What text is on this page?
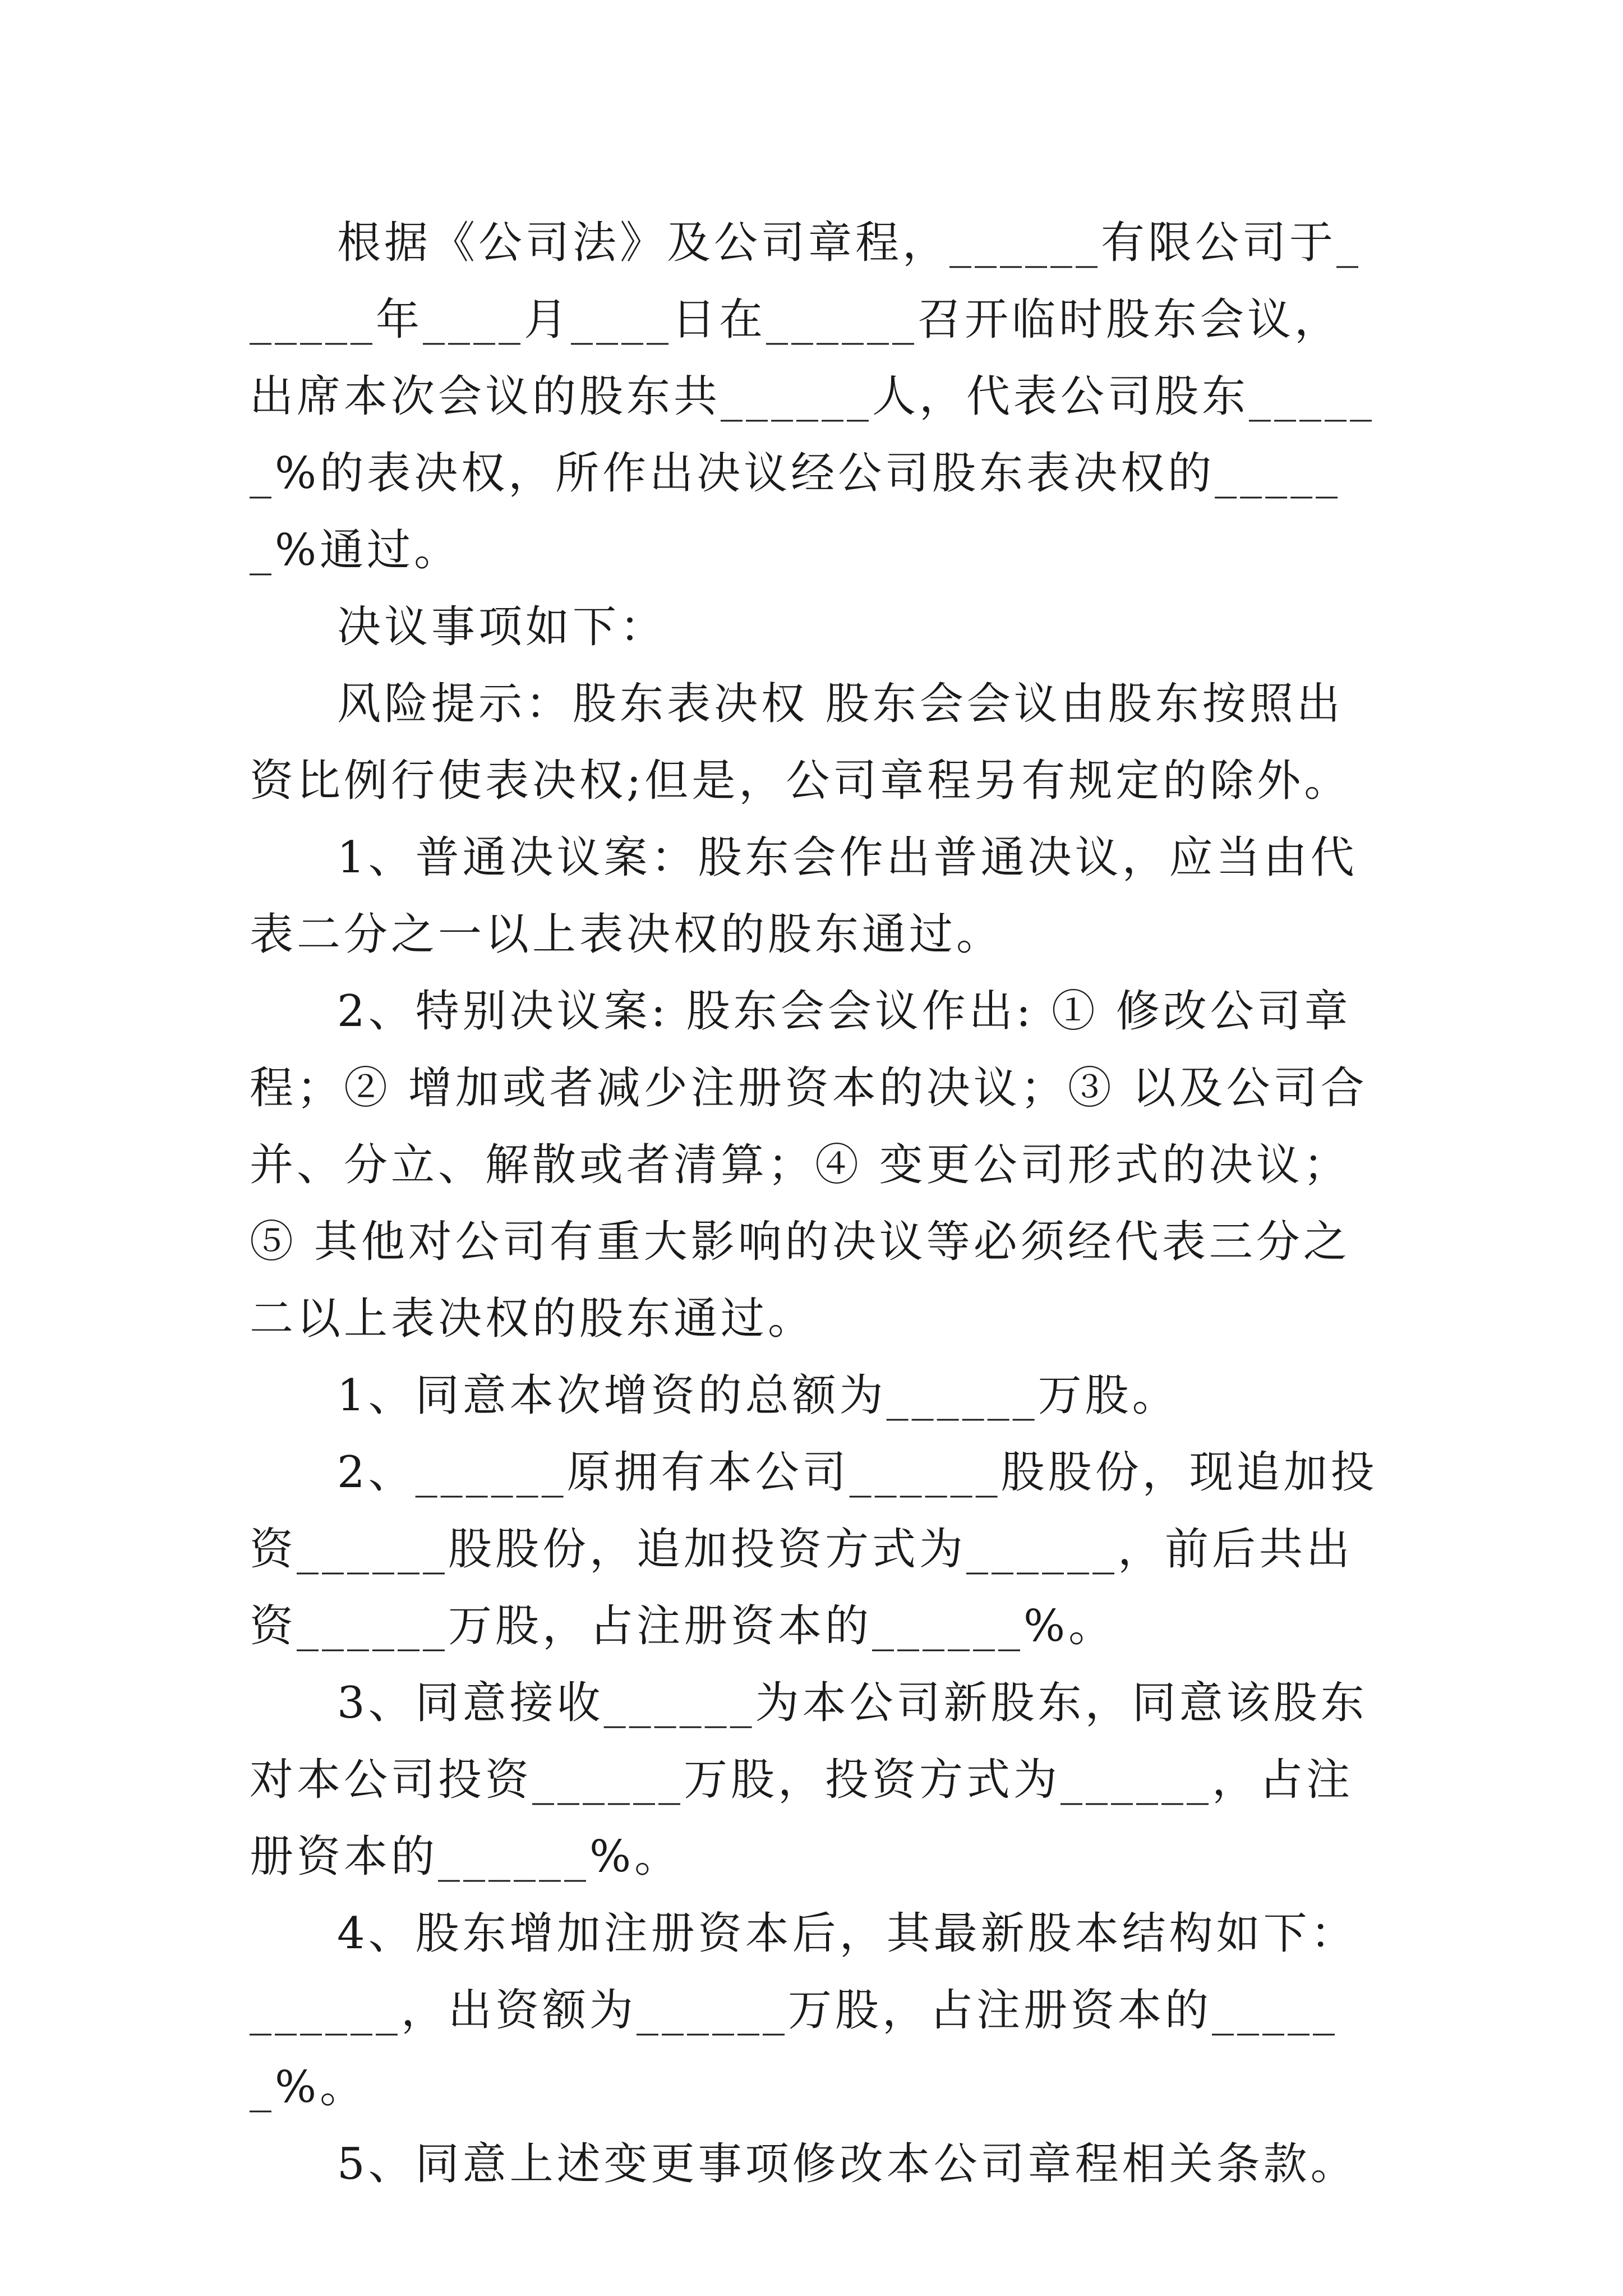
根据《公司法》及公司章程，______有限公司于______年____月____日在______召开临时股东会议，出席本次会议的股东共______人，代表公司股东______%的表决权，所作出决议经公司股东表决权的______%通过。

决议事项如下：

风险提示：股东表决权 股东会会议由股东按照出资比例行使表决权;但是，公司章程另有规定的除外。

1、普通决议案：股东会作出普通决议，应当由代表二分之一以上表决权的股东通过。

2、特别决议案: 股东会会议作出: ① 修改公司章程；② 增加或者减少注册资本的决议；③ 以及公司合并、分立、解散或者清算；④ 变更公司形式的决议；⑤ 其他对公司有重大影响的决议等必须经代表三分之二以上表决权的股东通过。

1、同意本次增资的总额为______万股。

2、______原拥有本公司______股股份，现追加投资______股股份，追加投资方式为______，前后共出资______万股，占注册资本的______%。

3、同意接收______为本公司新股东，同意该股东对本公司投资______万股，投资方式为______，占注册资本的______%。

4、股东增加注册资本后，其最新股本结构如下：______，出资额为______万股，占注册资本的______%。

5、同意上述变更事项修改本公司章程相关条款。
